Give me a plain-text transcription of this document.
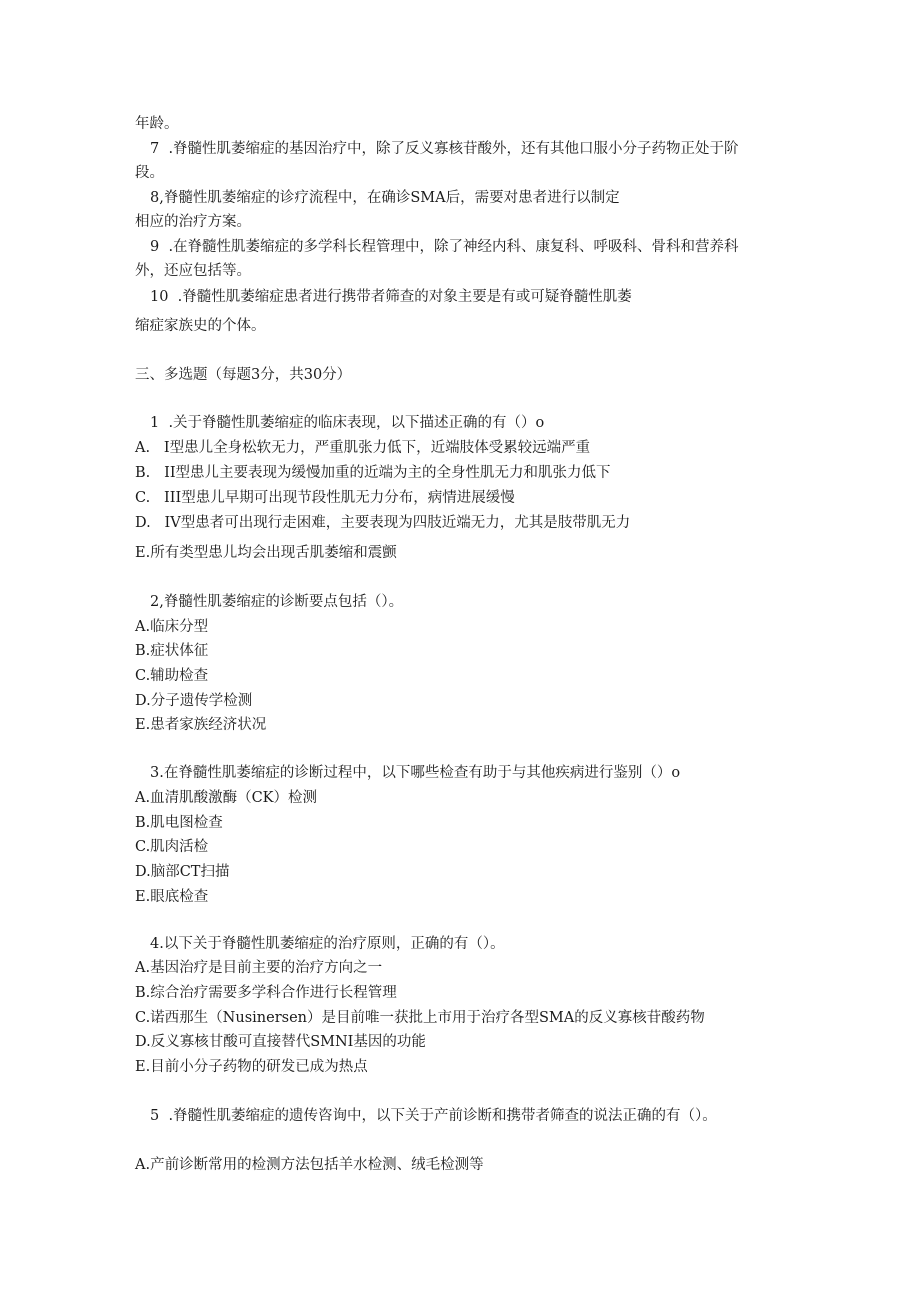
年龄。
7  .脊髓性肌萎缩症的基因治疗中，除了反义寡核苷酸外，还有其他口服小分子药物正处于阶
段。
8,脊髓性肌萎缩症的诊疗流程中，在确诊SMA后，需要对患者进行以制定
相应的治疗方案。
9  .在脊髓性肌萎缩症的多学科长程管理中，除了神经内科、康复科、呼吸科、骨科和营养科
外，还应包括等。
10  .脊髓性肌萎缩症患者进行携带者筛查的对象主要是有或可疑脊髓性肌萎
缩症家族史的个体。
三、多选题（每题3分，共30分）
1  .关于脊髓性肌萎缩症的临床表现，以下描述正确的有（）o
A.   I型患儿全身松软无力，严重肌张力低下，近端肢体受累较远端严重
B.   II型患儿主要表现为缓慢加重的近端为主的全身性肌无力和肌张力低下
C.   III型患儿早期可出现节段性肌无力分布，病情进展缓慢
D.   IV型患者可出现行走困难，主要表现为四肢近端无力，尤其是肢带肌无力
E.所有类型患儿均会出现舌肌萎缩和震颤
2,脊髓性肌萎缩症的诊断要点包括（）。
A.临床分型
B.症状体征
C.辅助检查
D.分子遗传学检测
E.患者家族经济状况
3.在脊髓性肌萎缩症的诊断过程中，以下哪些检查有助于与其他疾病进行鉴别（）o
A.血清肌酸激酶（CK）检测
B.肌电图检查
C.肌肉活检
D.脑部CT扫描
E.眼底检查
4.以下关于脊髓性肌萎缩症的治疗原则，正确的有（）。
A.基因治疗是目前主要的治疗方向之一
B.综合治疗需要多学科合作进行长程管理
C.诺西那生（Nusinersen）是目前唯一获批上市用于治疗各型SMA的反义寡核苷酸药物
D.反义寡核甘酸可直接替代SMNI基因的功能
E.目前小分子药物的研发已成为热点
5  .脊髓性肌萎缩症的遗传咨询中，以下关于产前诊断和携带者筛查的说法正确的有（）。
A.产前诊断常用的检测方法包括羊水检测、绒毛检测等
